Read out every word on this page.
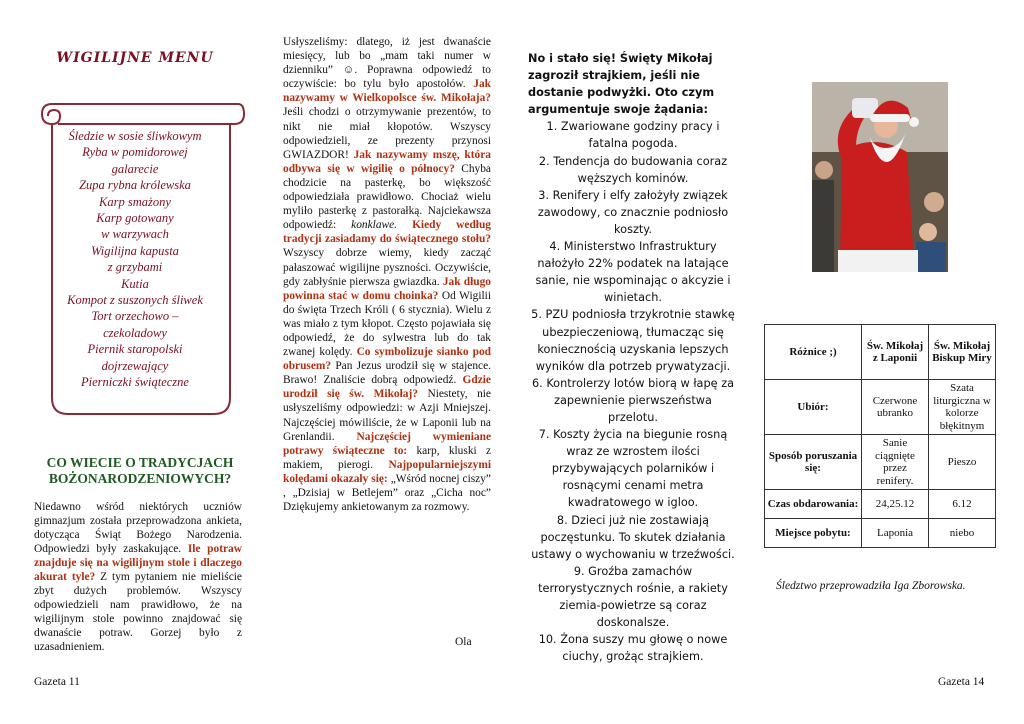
WIGILIJNE MENU
Śledzie w sosie śliwkowym
Ryba w pomidorowej
galarecie
Zupa rybna królewska
Karp smażony
Karp gotowany
w warzywach
Wigilijna kapusta
z grzybami
Kutia
Kompot z suszonych śliwek
Tort orzechowo –
czekoladowy
Piernik staropolski
dojrzewający
Pierniczki świąteczne
CO WIECIE O TRADYCJACH BOŻONARODZENIOWYCH?
Niedawno wśród niektórych uczniów gimnazjum została przeprowadzona ankieta, dotycząca Świąt Bożego Narodzenia. Odpowiedzi były zaskakujące. Ile potraw znajduje się na wigilijnym stole i dlaczego akurat tyle? Z tym pytaniem nie mieliście zbyt dużych problemów. Wszyscy odpowiedzieli nam prawidłowo, że na wigilijnym stole powinno znajdować się dwanaście potraw. Gorzej było z uzasadnieniem.
Gazeta 11

Usłyszeliśmy: dlatego, iż jest dwanaście miesięcy, lub bo „mam taki numer w dzienniku” ☺. Poprawna odpowiedź to oczywiście: bo tylu było apostołów. Jak nazywamy w Wielkopolsce św. Mikołaja? Jeśli chodzi o otrzymywanie prezentów, to nikt nie miał kłopotów. Wszyscy odpowiedzieli, ze prezenty przynosi GWIAZDOR! Jak nazywamy mszę, która odbywa się w wigilię o północy? Chyba chodzicie na pasterkę, bo większość odpowiedziała prawidłowo. Chociaż wielu myliło pasterkę z pastorałką. Najciekawsza odpowiedź: konklawe. Kiedy według tradycji zasiadamy do świątecznego stołu? Wszyscy dobrze wiemy, kiedy zacząć pałaszować wigilijne pyszności. Oczywiście, gdy zabłyśnie pierwsza gwiazdka. Jak długo powinna stać w domu choinka? Od Wigilii do święta Trzech Króli ( 6 stycznia). Wielu z was miało z tym kłopot. Często pojawiała się odpowiedź, że do sylwestra lub do tak zwanej kolędy. Co symbolizuje sianko pod obrusem? Pan Jezus urodził się w stajence. Brawo! Znaliście dobrą odpowiedź. Gdzie urodził się św. Mikołaj? Niestety, nie usłyszeliśmy odpowiedzi: w Azji Mniejszej. Najczęściej mówiliście, że w Laponii lub na Grenlandii. Najczęściej wymieniane potrawy świąteczne to: karp, kluski z makiem, pierogi. Najpopularniejszymi kolędami okazały się: „Wśród nocnej ciszy” , „Dzisiaj w Betlejem” oraz „Cicha noc” Dziękujemy ankietowanym za rozmowy.

Ola
No i stało się! Święty Mikołaj zagroził strajkiem, jeśli nie dostanie podwyżki. Oto czym argumentuje swoje żądania:
1. Zwariowane godziny pracy i fatalna pogoda.
2. Tendencja do budowania coraz węższych kominów.
3. Renifery i elfy założyły związek zawodowy, co znacznie podniosło koszty.
4. Ministerstwo Infrastruktury nałożyło 22% podatek na latające sanie, nie wspominając o akcyzie i winietach.
5. PZU podniosła trzykrotnie stawkę ubezpieczeniową, tłumacząc się koniecznością uzyskania lepszych wyników dla potrzeb prywatyzacji.
6. Kontrolerzy lotów biorą w łapę za zapewnienie pierwszeństwa przelotu.
7. Koszty życia na biegunie rosną wraz ze wzrostem ilości przybywających polarników i rosnącymi cenami metra kwadratowego w igloo.
8. Dzieci już nie zostawiają poczęstunku. To skutek działania ustawy o wychowaniu w trzeźwości.
9. Groźba zamachów terrorystycznych rośnie, a rakiety ziemia-powietrze są coraz doskonalsze.
10. Żona suszy mu głowę o nowe ciuchy, grożąc strajkiem.
Różnice ;)	Św. Mikołaj z Laponii	Św. Mikołaj Biskup Miry
Ubiór:	Czerwone ubranko	Szata liturgiczna w kolorze błękitnym
Sposób poruszania się:	Sanie ciągnięte przez renifery.	Pieszo
Czas obdarowania:	24,25.12	6.12
Miejsce pobytu:	Laponia	niebo
Śledztwo przeprowadziła Iga Zborowska.
Gazeta 14
